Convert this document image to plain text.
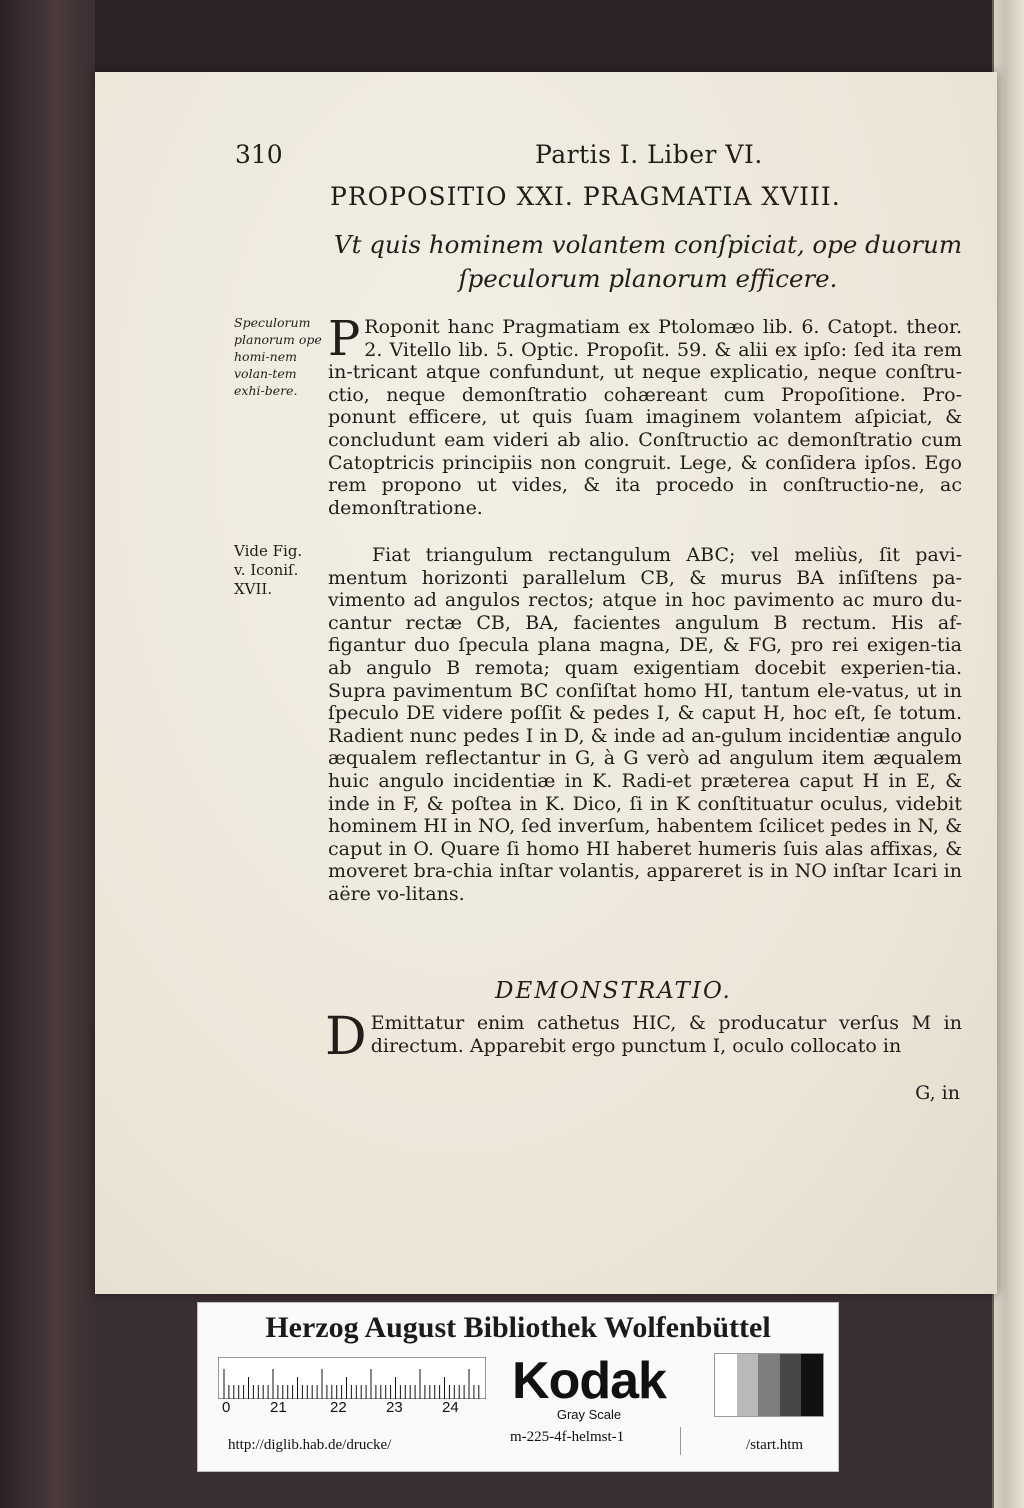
310	Partis I. Liber VI.
PROPOSITIO XXI. PRAGMATIA XVIII.
Vt quis hominem volantem conſpiciat, ope duorum
ſpeculorum planorum efficere.
Speculorum planorum ope homi-nem volan-tem exhi-bere.
Vide Fig.
v. Iconiſ.
XVII.
P Roponit hanc Pragmatiam ex Ptolomæo lib. 6. Catopt. theor. 2. Vitello lib. 5. Optic. Propoſit. 59. & alii ex ipſo: ſed ita rem in-tricant atque confundunt, ut neque explicatio, neque conſtru-ctio, neque demonſtratio cohæreant cum Propoſitione. Pro-ponunt efficere, ut quis ſuam imaginem volantem aſpiciat, & concludunt eam videri ab alio. Conſtructio ac demonſtratio cum Catoptricis principiis non congruit. Lege, & conſidera ipſos. Ego rem propono ut vides, & ita procedo in conſtructio-ne, ac demonſtratione.
Fiat triangulum rectangulum ABC; vel meliùs, ſit pavi-mentum horizonti parallelum CB, & murus BA inſiſtens pa-vimento ad angulos rectos; atque in hoc pavimento ac muro du-cantur rectæ CB, BA, facientes angulum B rectum. His af-figantur duo ſpecula plana magna, DE, & FG, pro rei exigen-tia ab angulo B remota; quam exigentiam docebit experien-tia. Supra pavimentum BC conſiſtat homo HI, tantum ele-vatus, ut in ſpeculo DE videre poſſit & pedes I, & caput H, hoc eſt, ſe totum. Radient nunc pedes I in D, & inde ad an-gulum incidentiæ angulo æqualem reflectantur in G, à G verò ad angulum item æqualem huic angulo incidentiæ in K. Radi-et præterea caput H in E, & inde in F, & poſtea in K. Dico, ſi in K conſtituatur oculus, videbit hominem HI in NO, ſed inverſum, habentem ſcilicet pedes in N, & caput in O. Quare ſi homo HI haberet humeris ſuis alas affixas, & moveret bra-chia inſtar volantis, appareret is in NO inſtar Icari in aëre vo-litans.
DEMONSTRATIO.
D Emittatur enim cathetus HIC, & producatur verſus M in directum. Apparebit ergo punctum I, oculo collocato in
G, in
Herzog August Bibliothek Wolfenbüttel
0	21	22	23	24	Kodak
Gray Scale
http://diglib.hab.de/drucke/	m-225-4f-helmst-1	/start.htm
